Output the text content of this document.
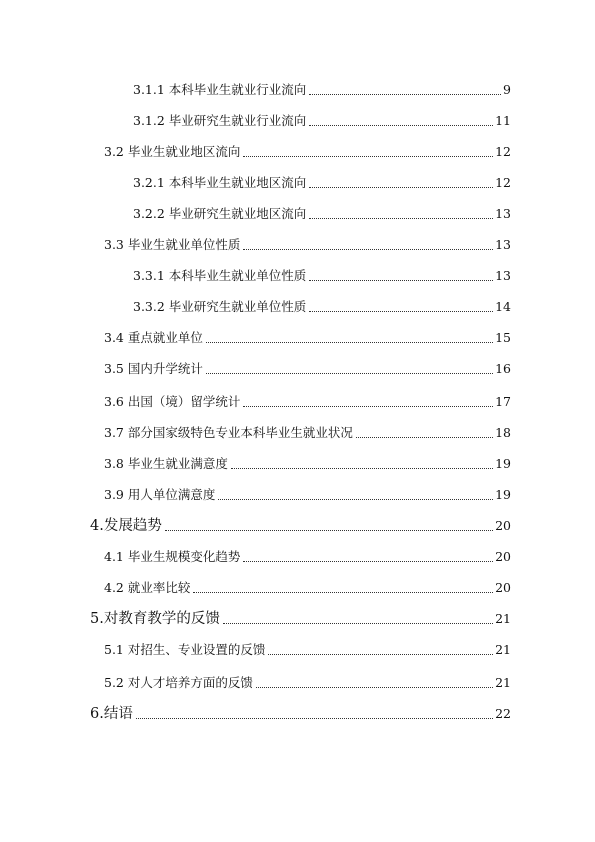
3.1.1 本科毕业生就业行业流向	9
3.1.2 毕业研究生就业行业流向	11
3.2 毕业生就业地区流向	12
3.2.1 本科毕业生就业地区流向	12
3.2.2 毕业研究生就业地区流向	13
3.3 毕业生就业单位性质	13
3.3.1 本科毕业生就业单位性质	13
3.3.2 毕业研究生就业单位性质	14
3.4 重点就业单位	15
3.5 国内升学统计	16
3.6 出国（境）留学统计	17
3.7 部分国家级特色专业本科毕业生就业状况	18
3.8 毕业生就业满意度	19
3.9 用人单位满意度	19
4.发展趋势	20
4.1 毕业生规模变化趋势	20
4.2 就业率比较	20
5.对教育教学的反馈	21
5.1 对招生、专业设置的反馈	21
5.2 对人才培养方面的反馈	21
6.结语	22
